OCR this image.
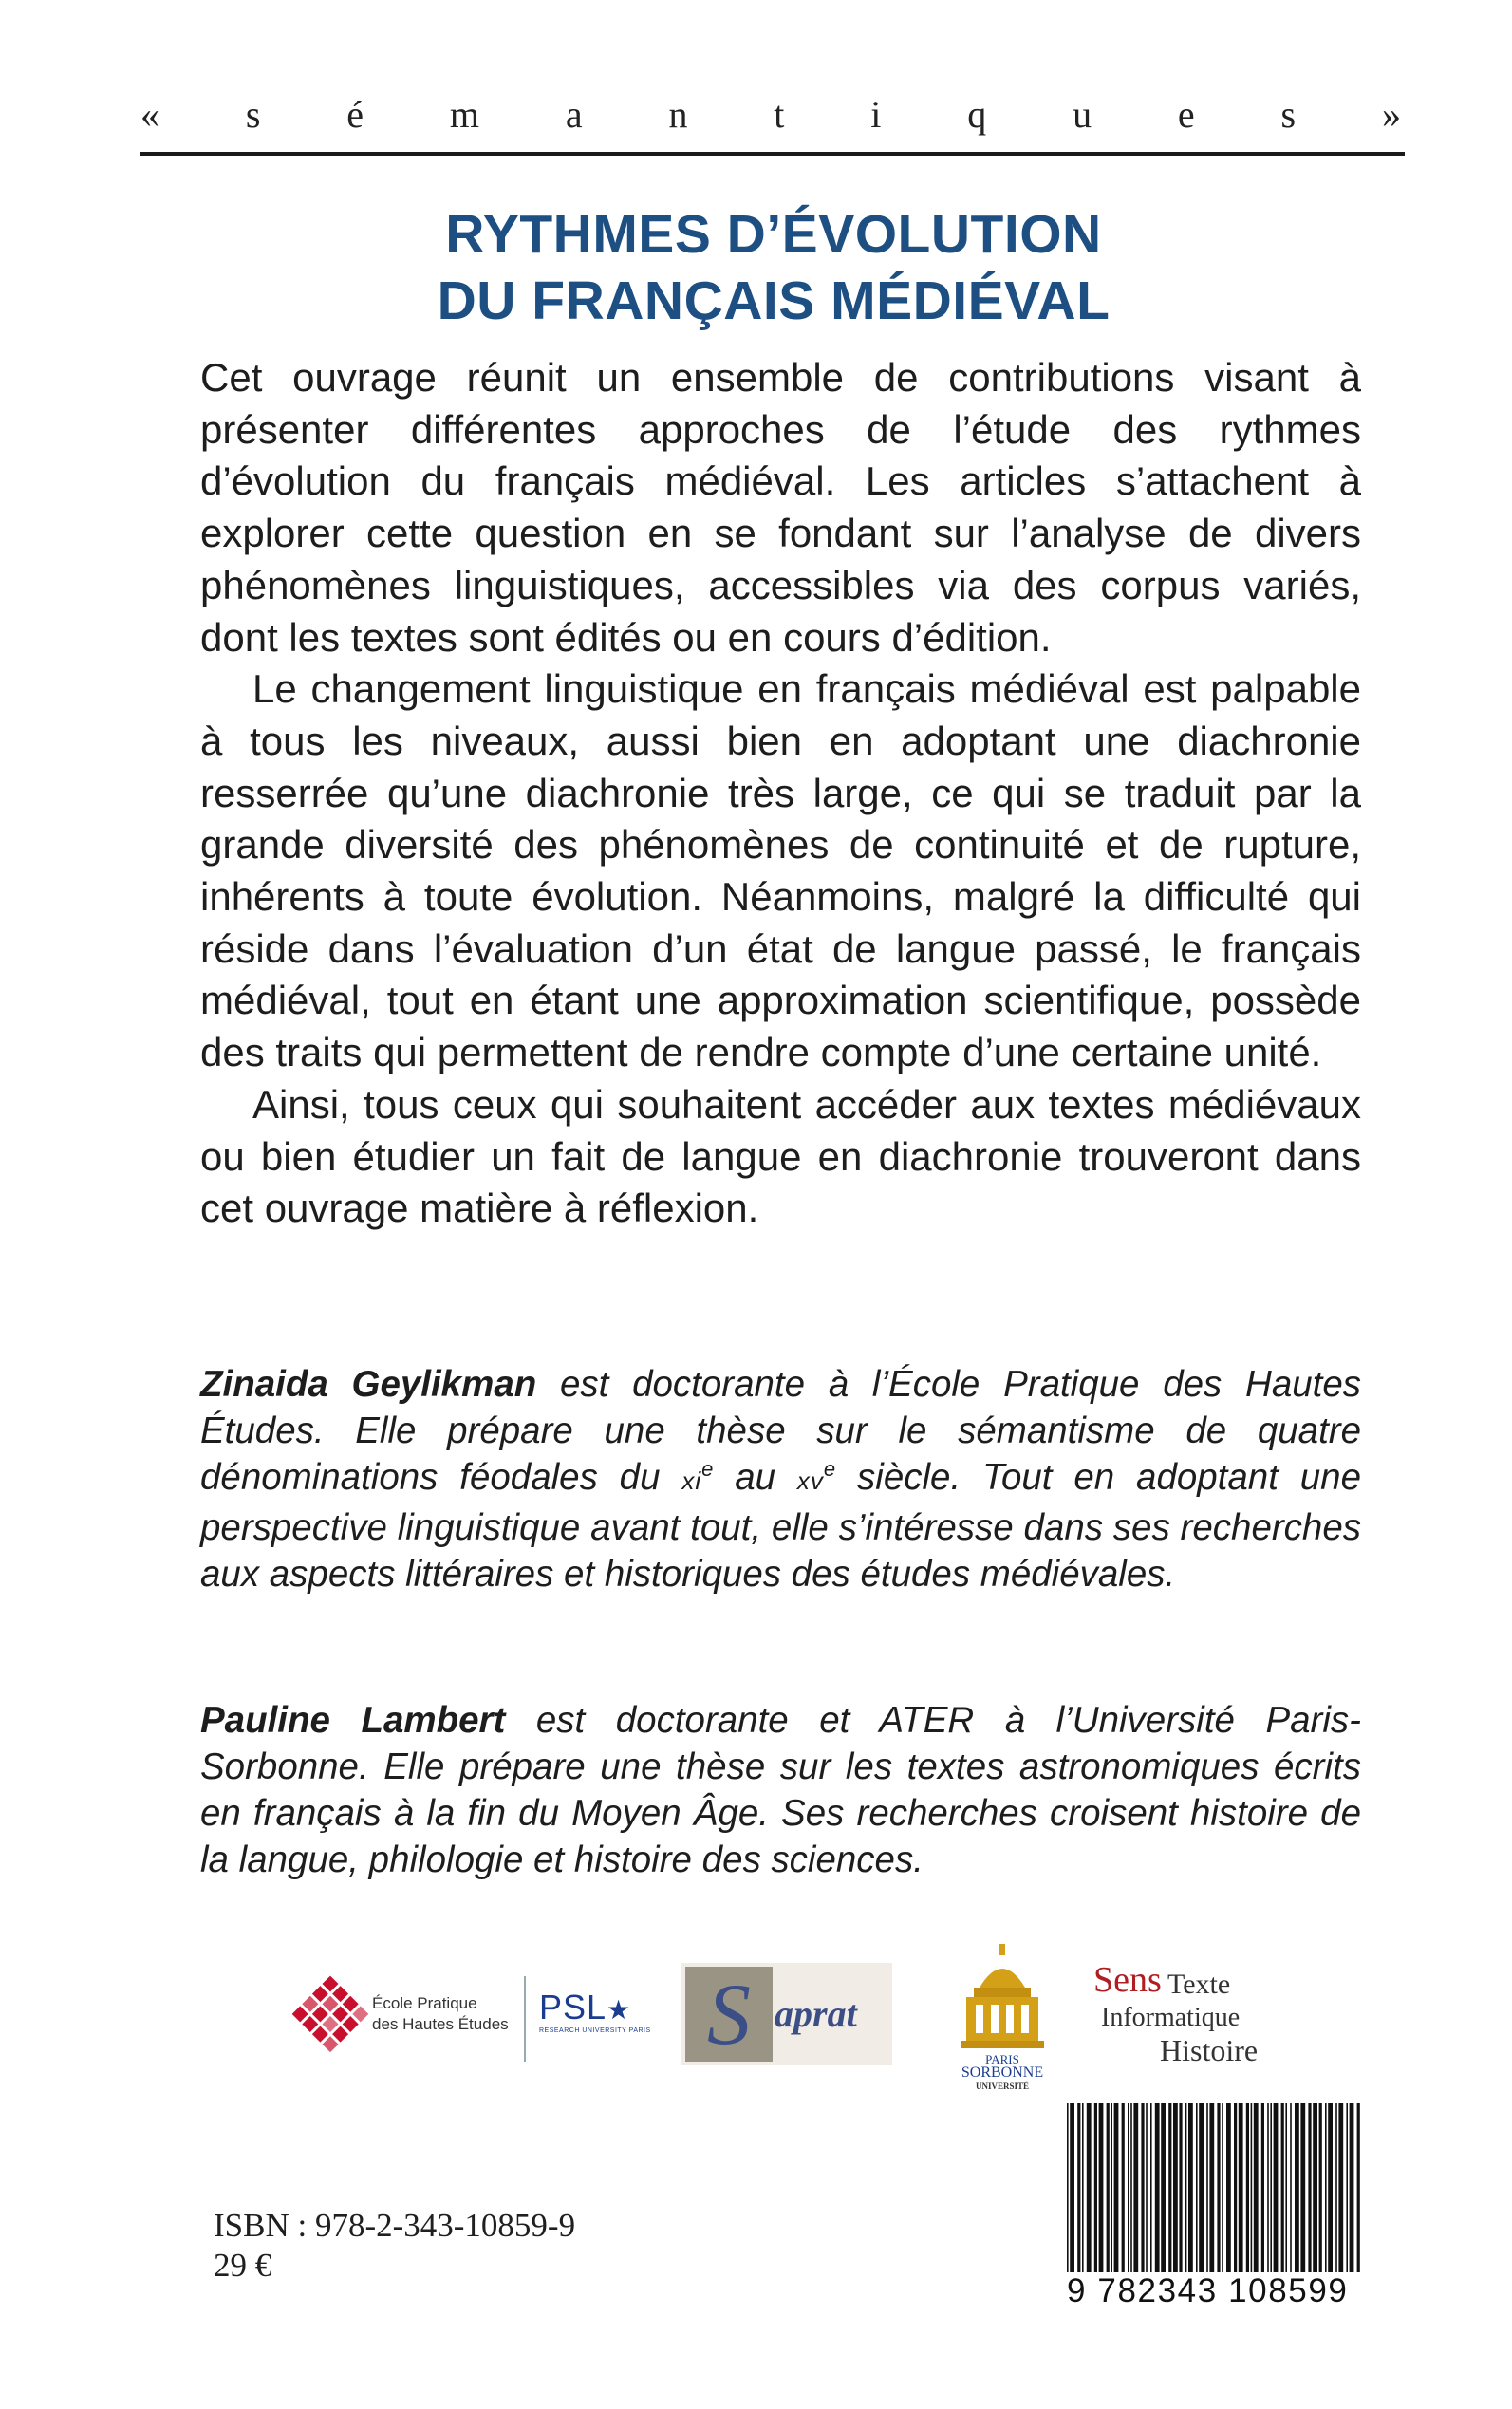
« s é m a n t i q u e s »
RYTHMES D’ÉVOLUTION
DU FRANÇAIS MÉDIÉVAL

Cet ouvrage réunit un ensemble de contributions visant à présenter différentes approches de l’étude des rythmes d’évolution du français médiéval. Les articles s’attachent à explorer cette question en se fondant sur l’analyse de divers phénomènes linguistiques, accessibles via des corpus variés, dont les textes sont édités ou en cours d’édition.

Le changement linguistique en français médiéval est palpable à tous les niveaux, aussi bien en adoptant une diachronie resserrée qu’une diachronie très large, ce qui se traduit par la grande diversité des phénomènes de continuité et de rupture, inhérents à toute évolution. Néanmoins, malgré la difficulté qui réside dans l’évaluation d’un état de langue passé, le français médiéval, tout en étant une approximation scientifique, possède des traits qui permettent de rendre compte d’une certaine unité.

Ainsi, tous ceux qui souhaitent accéder aux textes médiévaux ou bien étudier un fait de langue en diachronie trouveront dans cet ouvrage matière à réflexion.

Zinaida Geylikman est doctorante à l’École Pratique des Hautes Études. Elle prépare une thèse sur le sémantisme de quatre dénominations féodales du $xi^e$ au $xv^e$ siècle. Tout en adoptant une perspective linguistique avant tout, elle s’intéresse dans ses recherches aux aspects littéraires et historiques des études médiévales.
Pauline Lambert est doctorante et ATER à l’Université Paris-Sorbonne. Elle prépare une thèse sur les textes astronomiques écrits en français à la fin du Moyen Âge. Ses recherches croisent histoire de la langue, philologie et histoire des sciences.
École Pratique
des Hautes Études PSL★
RESEARCH UNIVERSITY PARIS S aprat
PARIS
SORBONNE
UNIVERSITÉ
Sens Texte
Informatique
Histoire
ISBN : 978-2-343-10859-9
29 €
9 782343 108599
